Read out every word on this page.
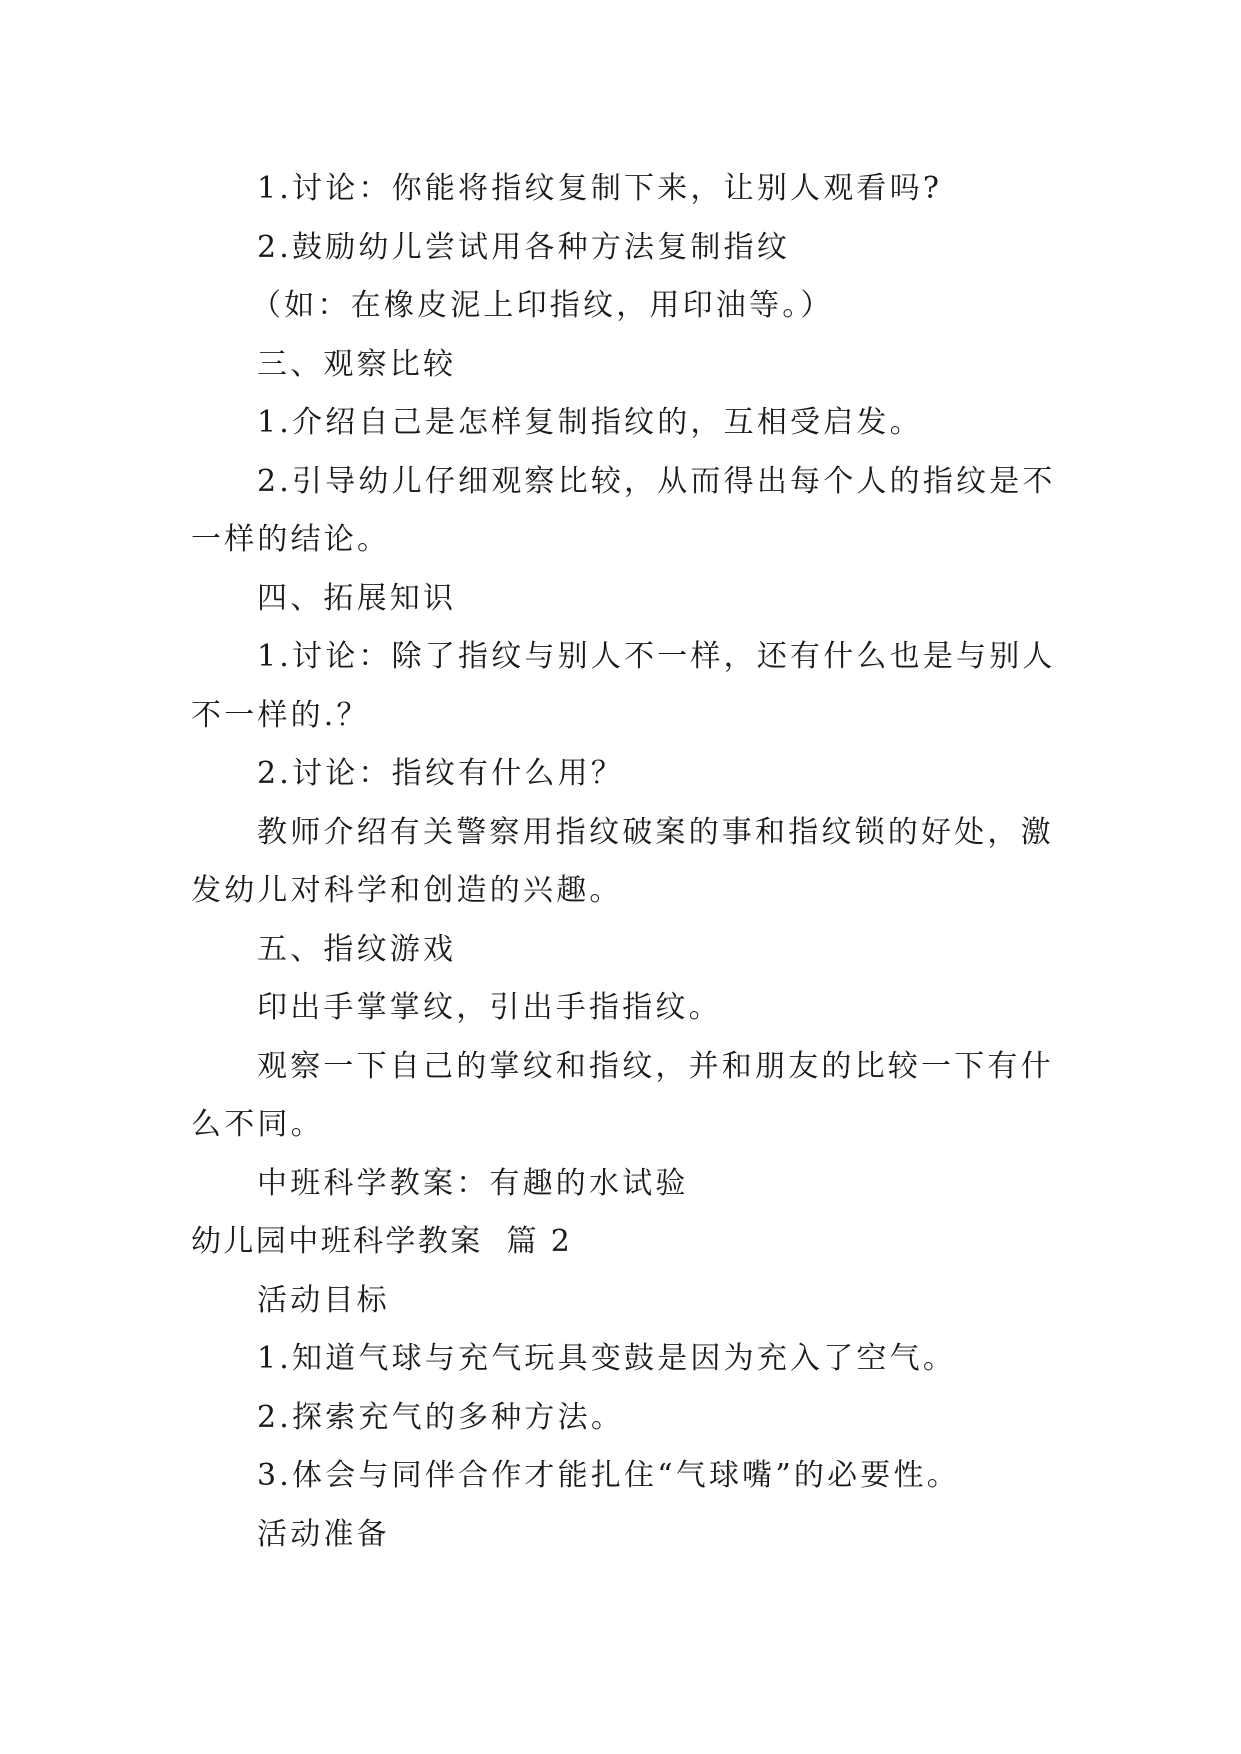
1.讨论：你能将指纹复制下来，让别人观看吗?

2.鼓励幼儿尝试用各种方法复制指纹

（如：在橡皮泥上印指纹，用印油等。）

三、观察比较

1.介绍自己是怎样复制指纹的，互相受启发。

2.引导幼儿仔细观察比较，从而得出每个人的指纹是不一样的结论。

四、拓展知识

1.讨论：除了指纹与别人不一样，还有什么也是与别人不一样的.？

2.讨论：指纹有什么用？

教师介绍有关警察用指纹破案的事和指纹锁的好处，激发幼儿对科学和创造的兴趣。

五、指纹游戏

印出手掌掌纹，引出手指指纹。

观察一下自己的掌纹和指纹，并和朋友的比较一下有什么不同。

中班科学教案：有趣的水试验

幼儿园中班科学教案  篇 2

活动目标

1.知道气球与充气玩具变鼓是因为充入了空气。

2.探索充气的多种方法。

3.体会与同伴合作才能扎住“气球嘴”的必要性。

活动准备
